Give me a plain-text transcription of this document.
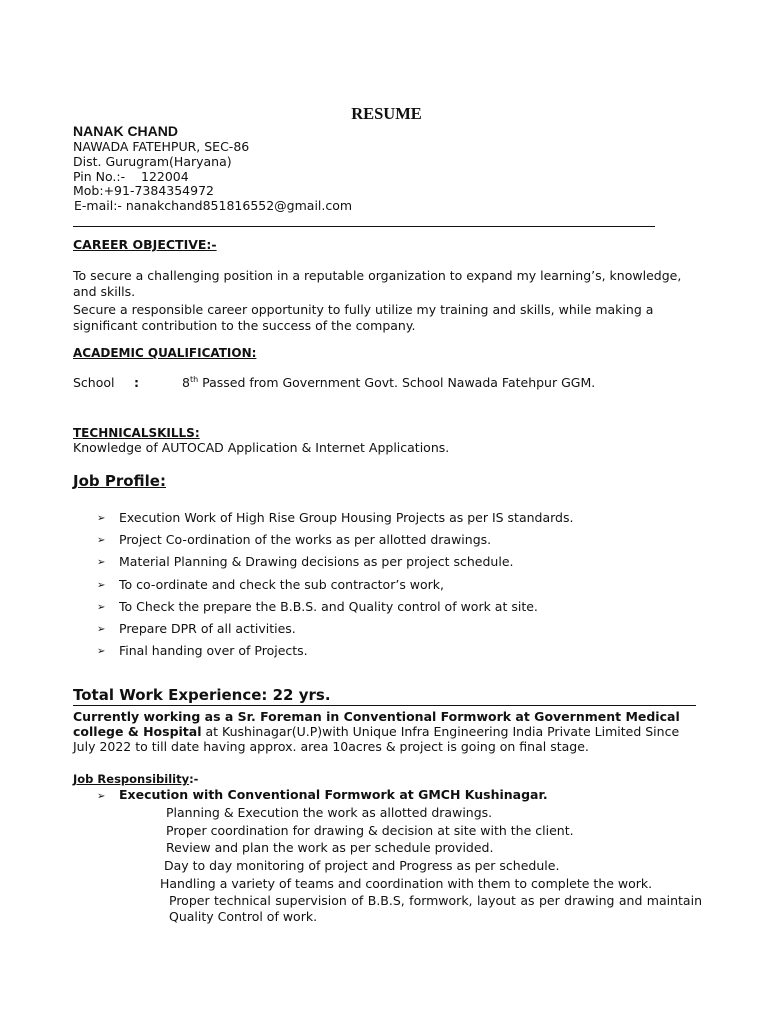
RESUME
NANAK CHAND
NAWADA FATEHPUR, SEC-86
Dist. Gurugram(Haryana)
Pin No.:-    122004
Mob:+91-7384354972
E-mail:- nanakchand851816552@gmail.com
CAREER OBJECTIVE:-
To secure a challenging position in a reputable organization to expand my learning’s, knowledge, and skills.
Secure a responsible career opportunity to fully utilize my training and skills, while making a significant contribution to the success of the company.
ACADEMIC QUALIFICATION:
School :	8th Passed from Government Govt. School Nawada Fatehpur GGM.
TECHNICALSKILLS:
Knowledge of AUTOCAD Application & Internet Applications.
Job Profile:
➢	Execution Work of High Rise Group Housing Projects as per IS standards.
➢	Project Co-ordination of the works as per allotted drawings.
➢	Material Planning & Drawing decisions as per project schedule.
➢	To co-ordinate and check the sub contractor’s work,
➢	To Check the prepare the B.B.S. and Quality control of work at site.
➢	Prepare DPR of all activities.
➢	Final handing over of Projects.
Total Work Experience: 22 yrs.
Currently working as a Sr. Foreman in Conventional Formwork at Government Medical college & Hospital at Kushinagar(U.P)with Unique Infra Engineering India Private Limited Since July 2022 to till date having approx. area 10acres & project is going on final stage.
Job Responsibility:-
➢ Execution with Conventional Formwork at GMCH Kushinagar.
Planning & Execution the work as allotted drawings.
Proper coordination for drawing & decision at site with the client.
Review and plan the work as per schedule provided.
Day to day monitoring of project and Progress as per schedule.
Handling a variety of teams and coordination with them to complete the work.
Proper technical supervision of B.B.S, formwork, layout as per drawing and maintain Quality Control of work.
